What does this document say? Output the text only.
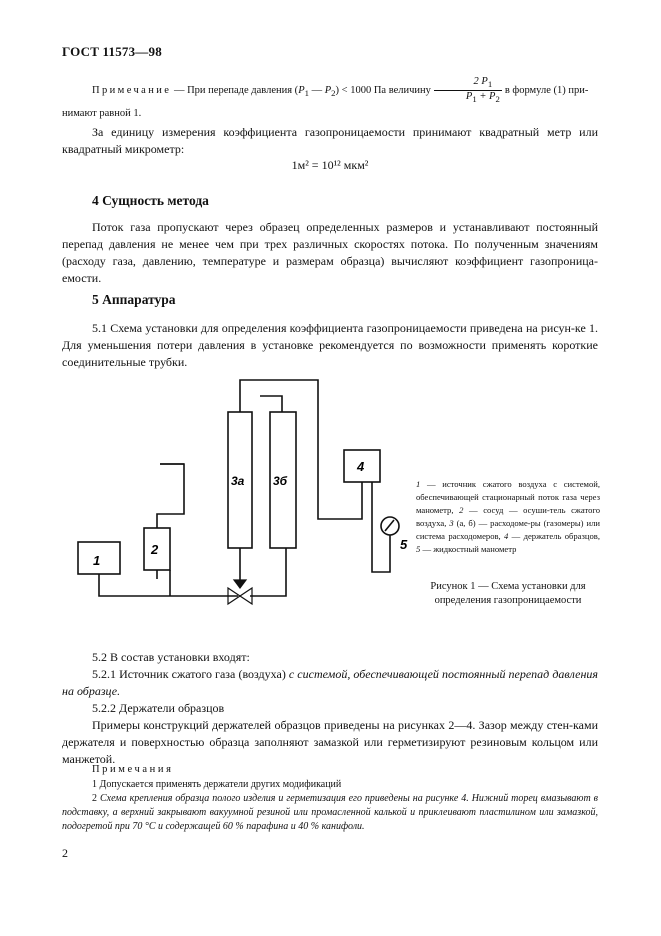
ГОСТ 11573—98
Примечание — При перепаде давления ($P_1$ — $P_2) < 1000$ Па величину $\frac{2 P_1}{P_1 + P_2}$ в формуле (1) при-
нимают равной 1.
За единицу измерения коэффициента газопроницаемости принимают квадратный метр или квадратный микрометр:
1м² = 10¹² мкм²
4 Сущность метода
Поток газа пропускают через образец определенных размеров и устанавливают постоянный перепад давления не менее чем при трех различных скоростях потока. По полученным значениям (расходу газа, давлению, температуре и размерам образца) вычисляют коэффициент газопроница-емости.
5 Аппаратура
5.1 Схема установки для определения коэффициента газопроницаемости приведена на рисун-ке 1. Для уменьшения потери давления в установке рекомендуется по возможности применять короткие соединительные трубки.
1
2
3а 3б
4
5
1 — источник сжатого воздуха с системой, обеспечивающей стационарный поток газа через манометр, 2 — сосуд — осуши-тель сжатого воздуха, 3 (а, б) — расходоме-ры (газомеры) или система расходомеров, 4 — держатель образцов, 5 — жидкостный манометр
Рисунок 1 — Схема установки для определения газопроницаемости
5.2 В состав установки входят:
5.2.1 Источник сжатого газа (воздуха) с системой, обеспечивающей постоянный перепад давления на образце.
5.2.2 Держатели образцов
Примеры конструкций держателей образцов приведены на рисунках 2—4. Зазор между стен-ками держателя и поверхностью образца заполняют замазкой или герметизируют резиновым кольцом или манжетой.
Примечания
1 Допускается применять держатели других модификаций
2 Схема крепления образца полого изделия и герметизация его приведены на рисунке 4. Нижний торец вмазывают в подставку, а верхний закрывают вакуумной резиной или промасленной калькой и приклеивают пластилином или замазкой, подогретой при 70 °С и содержащей 60 % парафина и 40 % канифоли.
2
